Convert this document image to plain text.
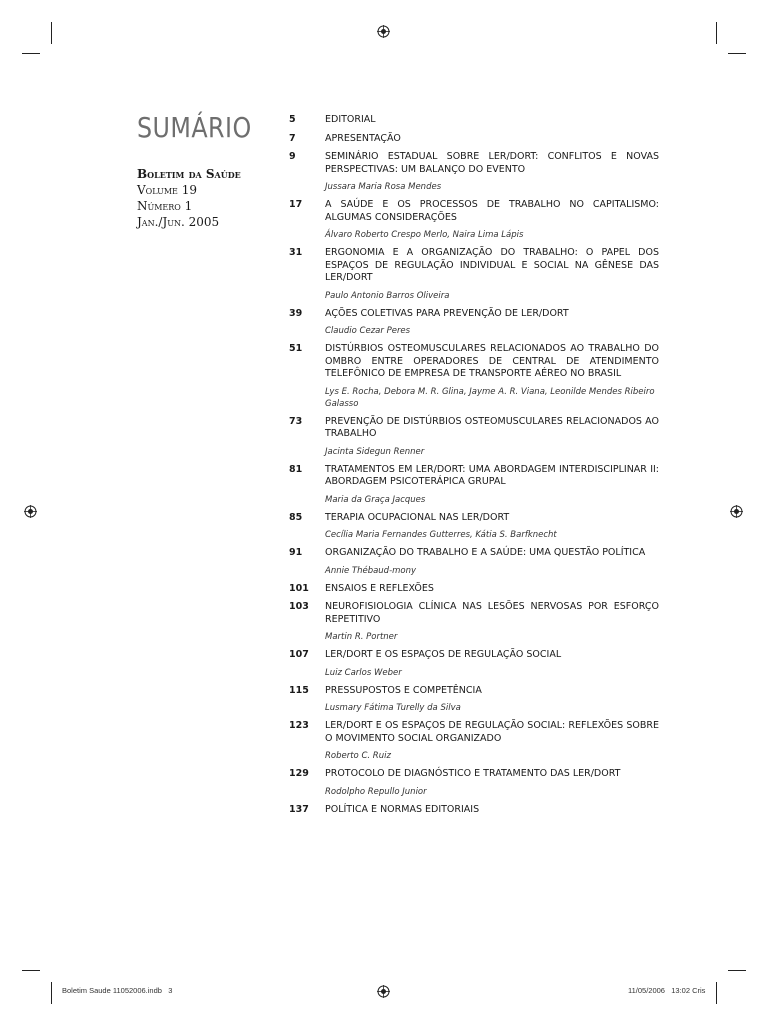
SUMÁRIO
Boletim da Saúde
Volume 19
Número 1
Jan./Jun. 2005
5	EDITORIAL
7	APRESENTAÇÃO
9	SEMINÁRIO ESTADUAL SOBRE LER/DORT: CONFLITOS E NOVAS PERSPECTIVAS: UM BALANÇO DO EVENTO
Jussara Maria Rosa Mendes
17	A SAÚDE E OS PROCESSOS DE TRABALHO NO CAPITALISMO: ALGUMAS CONSIDERAÇÕES
Álvaro Roberto Crespo Merlo, Naira Lima Lápis
31	ERGONOMIA E A ORGANIZAÇÃO DO TRABALHO: O PAPEL DOS ESPAÇOS DE REGULAÇÃO INDIVIDUAL E SOCIAL NA GÊNESE DAS LER/DORT
Paulo Antonio Barros Oliveira
39	AÇÕES COLETIVAS PARA PREVENÇÃO DE LER/DORT
Claudio Cezar Peres
51	DISTÚRBIOS OSTEOMUSCULARES RELACIONADOS AO TRABALHO DO OMBRO ENTRE OPERADORES DE CENTRAL DE ATENDIMENTO TELEFÔNICO DE EMPRESA DE TRANSPORTE AÉREO NO BRASIL
Lys E. Rocha, Debora M. R. Glina, Jayme A. R. Viana, Leonilde Mendes Ribeiro Galasso
73	PREVENÇÃO DE DISTÚRBIOS OSTEOMUSCULARES RELACIONADOS AO TRABALHO
Jacinta Sidegun Renner
81	TRATAMENTOS EM LER/DORT: UMA ABORDAGEM INTERDISCIPLINAR II: ABORDAGEM PSICOTERÁPICA GRUPAL
Maria da Graça Jacques
85	TERAPIA OCUPACIONAL NAS LER/DORT
Cecília Maria Fernandes Gutterres, Kátia S. Barfknecht
91	ORGANIZAÇÃO DO TRABALHO E A SAÚDE: UMA QUESTÃO POLÍTICA
Annie Thébaud-mony
101	ENSAIOS E REFLEXÕES
103	NEUROFISIOLOGIA CLÍNICA NAS LESÕES NERVOSAS POR ESFORÇO REPETITIVO
Martin R. Portner
107	LER/DORT E OS ESPAÇOS DE REGULAÇÃO SOCIAL
Luiz Carlos Weber
115	PRESSUPOSTOS E COMPETÊNCIA
Lusmary Fátima Turelly da Silva
123	LER/DORT E OS ESPAÇOS DE REGULAÇÃO SOCIAL: REFLEXÕES SOBRE O MOVIMENTO SOCIAL ORGANIZADO
Roberto C. Ruiz
129	PROTOCOLO DE DIAGNÓSTICO E TRATAMENTO DAS LER/DORT
Rodolpho Repullo Junior
137	POLÍTICA E NORMAS EDITORIAIS
Boletim Saude 11052006.indb   3	11/05/2006   13:02 Cris
